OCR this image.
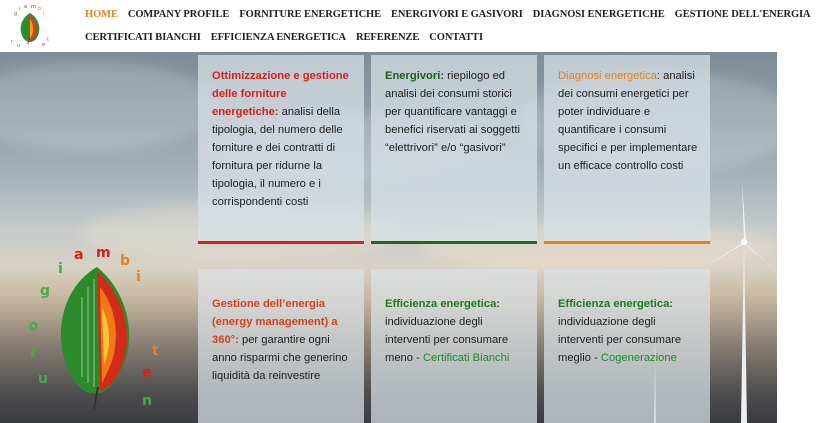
g
i a m b
i
r
u	e
t
HOME COMPANY PROFILE FORNITURE ENERGETICHE ENERGIVORI E GASIVORI DIAGNOSI ENERGETICHE GESTIONE DELL'ENERGIA
CERTIFICATI BIANCHI EFFICIENZA ENERGETICA REFERENZE CONTATTI
o
g
i
a m b
i
r
u	e
t
n

Ottimizzazione e gestione delle forniture energetiche: analisi della tipologia, del numero delle forniture e dei contratti di fornitura per ridurne la tipologia, il numero e i corrispondenti costi

Energivori: riepilogo ed analisi dei consumi storici per quantificare vantaggi e benefici riservati ai soggetti “elettrivori” e/o “gasivori”

Diagnosi energetica: analisi dei consumi energetici per poter individuare e quantificare i consumi specifici e per implementare un efficace controllo costi

Gestione dell’energia (energy management) a 360°: per garantire ogni anno risparmi che generino liquidità da reinvestire

Efficienza energetica: individuazione degli interventi per consumare meno - Certificati Bianchi

Efficienza energetica: individuazione degli interventi per consumare meglio - Cogenerazione
